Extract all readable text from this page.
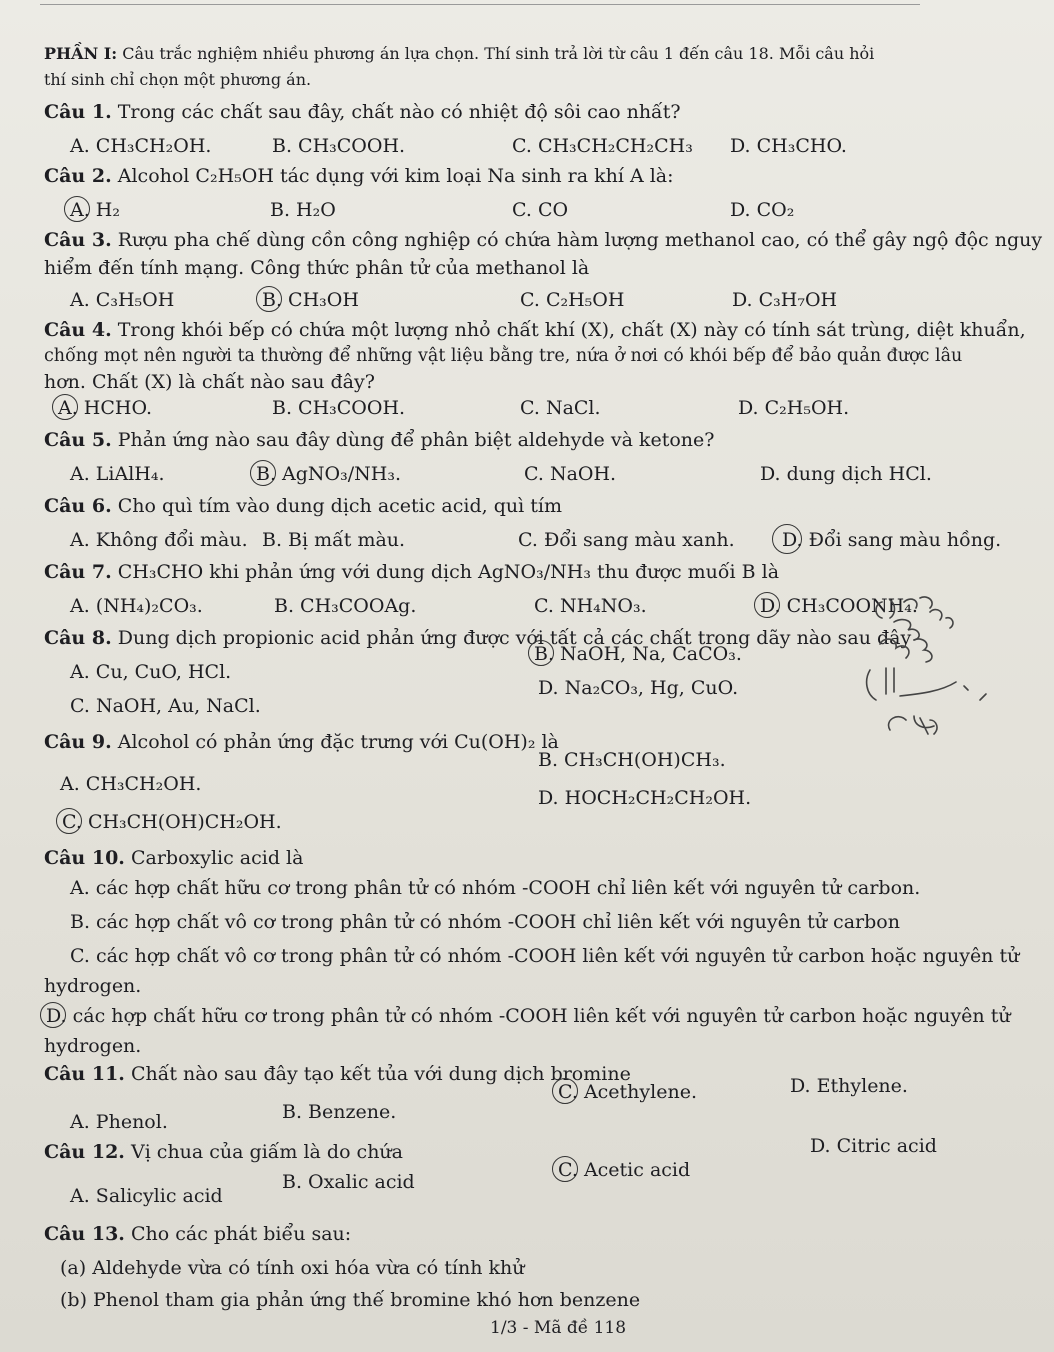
PHẦN I: Câu trắc nghiệm nhiều phương án lựa chọn. Thí sinh trả lời từ câu 1 đến câu 18. Mỗi câu hỏi
thí sinh chỉ chọn một phương án.
Câu 1. Trong các chất sau đây, chất nào có nhiệt độ sôi cao nhất?
A. CH₃CH₂OH.	B. CH₃COOH.	C. CH₃CH₂CH₂CH₃ D. CH₃CHO.
Câu 2. Alcohol C₂H₅OH tác dụng với kim loại Na sinh ra khí A là:
A. H₂	B. H₂O	C. CO	D. CO₂
Câu 3. Rượu pha chế dùng cồn công nghiệp có chứa hàm lượng methanol cao, có thể gây ngộ độc nguy
hiểm đến tính mạng. Công thức phân tử của methanol là
A. C₃H₅OH	B. CH₃OH	C. C₂H₅OH	D. C₃H₇OH
Câu 4. Trong khói bếp có chứa một lượng nhỏ chất khí (X), chất (X) này có tính sát trùng, diệt khuẩn,
chống mọt nên người ta thường để những vật liệu bằng tre, nứa ở nơi có khói bếp để bảo quản được lâu
hơn. Chất (X) là chất nào sau đây?
A. HCHO.	B. CH₃COOH.	C. NaCl.	D. C₂H₅OH.
Câu 5. Phản ứng nào sau đây dùng để phân biệt aldehyde và ketone?
A. LiAlH₄.	B. AgNO₃/NH₃.	C. NaOH.	D. dung dịch HCl.
Câu 6. Cho quì tím vào dung dịch acetic acid, quì tím
A. Không đổi màu. B. Bị mất màu.	C. Đổi sang màu xanh. D. Đổi sang màu hồng.
Câu 7. CH₃CHO khi phản ứng với dung dịch AgNO₃/NH₃ thu được muối B là
A. (NH₄)₂CO₃.	B. CH₃COOAg.	C. NH₄NO₃.	D. CH₃COONH₄.
Câu 8. Dung dịch propionic acid phản ứng được với tất cả các chất trong dãy nào sau đây
A. Cu, CuO, HCl.
B. NaOH, Na, CaCO₃.
C. NaOH, Au, NaCl.
D. Na₂CO₃, Hg, CuO.
Câu 9. Alcohol có phản ứng đặc trưng với Cu(OH)₂ là
A. CH₃CH₂OH.
B. CH₃CH(OH)CH₃.
C. CH₃CH(OH)CH₂OH.
D. HOCH₂CH₂CH₂OH.
Câu 10. Carboxylic acid là
A. các hợp chất hữu cơ trong phân tử có nhóm -COOH chỉ liên kết với nguyên tử carbon.
B. các hợp chất vô cơ trong phân tử có nhóm -COOH chỉ liên kết với nguyên tử carbon
C. các hợp chất vô cơ trong phân tử có nhóm -COOH liên kết với nguyên tử carbon hoặc nguyên tử
hydrogen.
D. các hợp chất hữu cơ trong phân tử có nhóm -COOH liên kết với nguyên tử carbon hoặc nguyên tử
hydrogen.
Câu 11. Chất nào sau đây tạo kết tủa với dung dịch bromine
A. Phenol.	B. Benzene.
C. Acethylene.	D. Ethylene.
Câu 12. Vị chua của giấm là do chứa
A. Salicylic acid
B. Oxalic acid
C. Acetic acid
D. Citric acid
Câu 13. Cho các phát biểu sau:
(a) Aldehyde vừa có tính oxi hóa vừa có tính khử
(b) Phenol tham gia phản ứng thế bromine khó hơn benzene
1/3 - Mã đề 118
